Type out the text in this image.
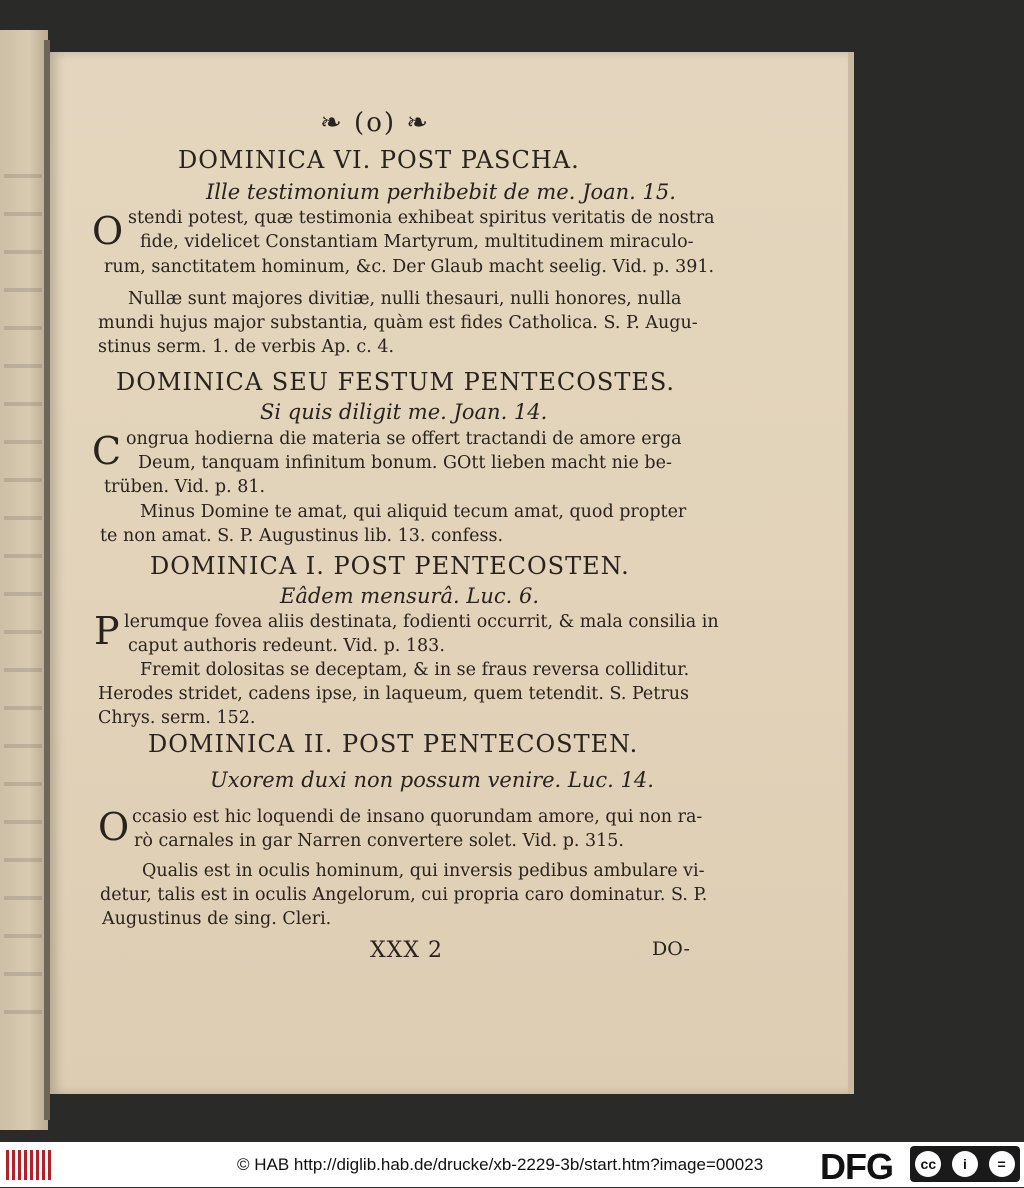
❧ (o) ❧
DOMINICA VI. POST PASCHA.
Ille testimonium perhibebit de me. Joan. 15.
O stendi potest, quæ testimonia exhibeat spiritus veritatis de nostra
fide, videlicet Constantiam Martyrum, multitudinem miraculo-
rum, sanctitatem hominum, &c. Der Glaub macht seelig. Vid. p. 391.
Nullæ sunt majores divitiæ, nulli thesauri, nulli honores, nulla
mundi hujus major substantia, quàm est fides Catholica. S. P. Augu-
stinus serm. 1. de verbis Ap. c. 4.
DOMINICA SEU FESTUM PENTECOSTES.
Si quis diligit me. Joan. 14.
C ongrua hodierna die materia se offert tractandi de amore erga
Deum, tanquam infinitum bonum. GOtt lieben macht nie be-
trüben. Vid. p. 81.
Minus Domine te amat, qui aliquid tecum amat, quod propter
te non amat. S. P. Augustinus lib. 13. confess.
DOMINICA I. POST PENTECOSTEN.
Eâdem mensurâ. Luc. 6.
P lerumque fovea aliis destinata, fodienti occurrit, & mala consilia in
caput authoris redeunt. Vid. p. 183.
Fremit dolositas se deceptam, & in se fraus reversa colliditur.
Herodes stridet, cadens ipse, in laqueum, quem tetendit. S. Petrus
Chrys. serm. 152.
DOMINICA II. POST PENTECOSTEN.
Uxorem duxi non possum venire. Luc. 14.
O ccasio est hic loquendi de insano quorundam amore, qui non ra-
rò carnales in gar Narren convertere solet. Vid. p. 315.
Qualis est in oculis hominum, qui inversis pedibus ambulare vi-
detur, talis est in oculis Angelorum, cui propria caro dominatur. S. P.
Augustinus de sing. Cleri.
XXX 2	DO-
© HAB http://diglib.hab.de/drucke/xb-2229-3b/start.htm?image=00023 DFG	cc	i	=
